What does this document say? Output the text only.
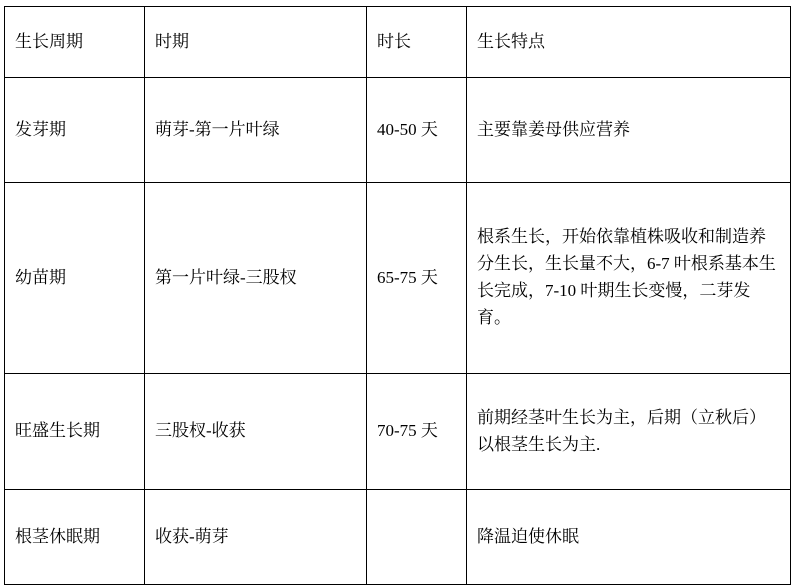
生长周期	时期	时长	生长特点
发芽期	萌芽-第一片叶绿	40-50 天	主要靠姜母供应营养
幼苗期	第一片叶绿-三股杈	65-75 天	根系生长，开始依靠植株吸收和制造养分生长，生长量不大，6-7 叶根系基本生长完成，7-10 叶期生长变慢，二芽发育。
旺盛生长期	三股杈-收获	70-75 天	前期经茎叶生长为主，后期（立秋后）以根茎生长为主.
根茎休眠期	收获-萌芽		降温迫使休眠
